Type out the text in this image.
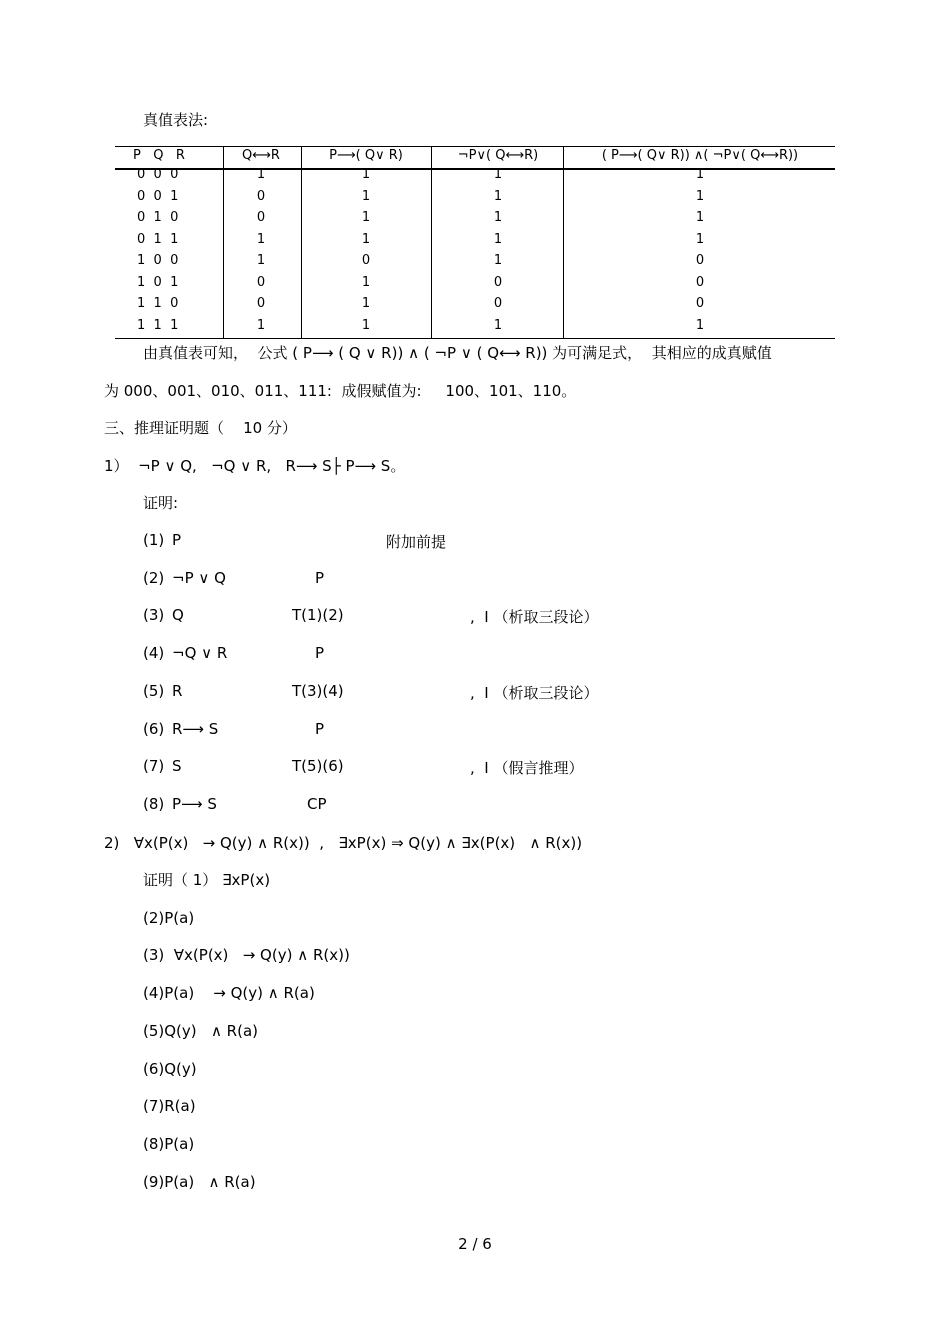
真值表法:
P   Q   R	Q⟷R	P⟶( Q∨ R)	¬P∨( Q⟷R)	( P⟶( Q∨ R)) ∧( ¬P∨( Q⟷R))
0  0  0	1	1	1	1
0  0  1	0	1	1	1
0  1  0	0	1	1	1
0  1  1	1	1	1	1
1  0  0	1	0	1	0
1  0  1	0	1	0	0
1  1  0	0	1	0	0
1  1  1	1	1	1	1
由真值表可知，  公式 ( P⟶ ( Q ∨ R)) ∧ ( ¬P ∨ ( Q⟷ R)) 为可满足式，  其相应的成真赋值
为 000、001、010、011、111:  成假赋值为:     100、101、110。
三、推理证明题（    10 分）
1）  ¬P ∨ Q,   ¬Q ∨ R,   R⟶ S├ P⟶ S。
证明:
(1) P	附加前提
(2) ¬P ∨ Q	P
(3) Q	T(1)(2)	,  I （析取三段论）
(4) ¬Q ∨ R	P
(5) R	T(3)(4)	,  I （析取三段论）
(6) R⟶ S	P
(7) S	T(5)(6)	,  I （假言推理）
(8) P⟶ S	CP
2)   ∀x(P(x)   → Q(y) ∧ R(x))  ,   ∃xP(x) ⇒ Q(y) ∧ ∃x(P(x)   ∧ R(x))
证明（ 1） ∃xP(x)
(2)P(a)
(3)  ∀x(P(x)   → Q(y) ∧ R(x))
(4)P(a)    → Q(y) ∧ R(a)
(5)Q(y)   ∧ R(a)
(6)Q(y)
(7)R(a)
(8)P(a)
(9)P(a)   ∧ R(a)
2 / 6
